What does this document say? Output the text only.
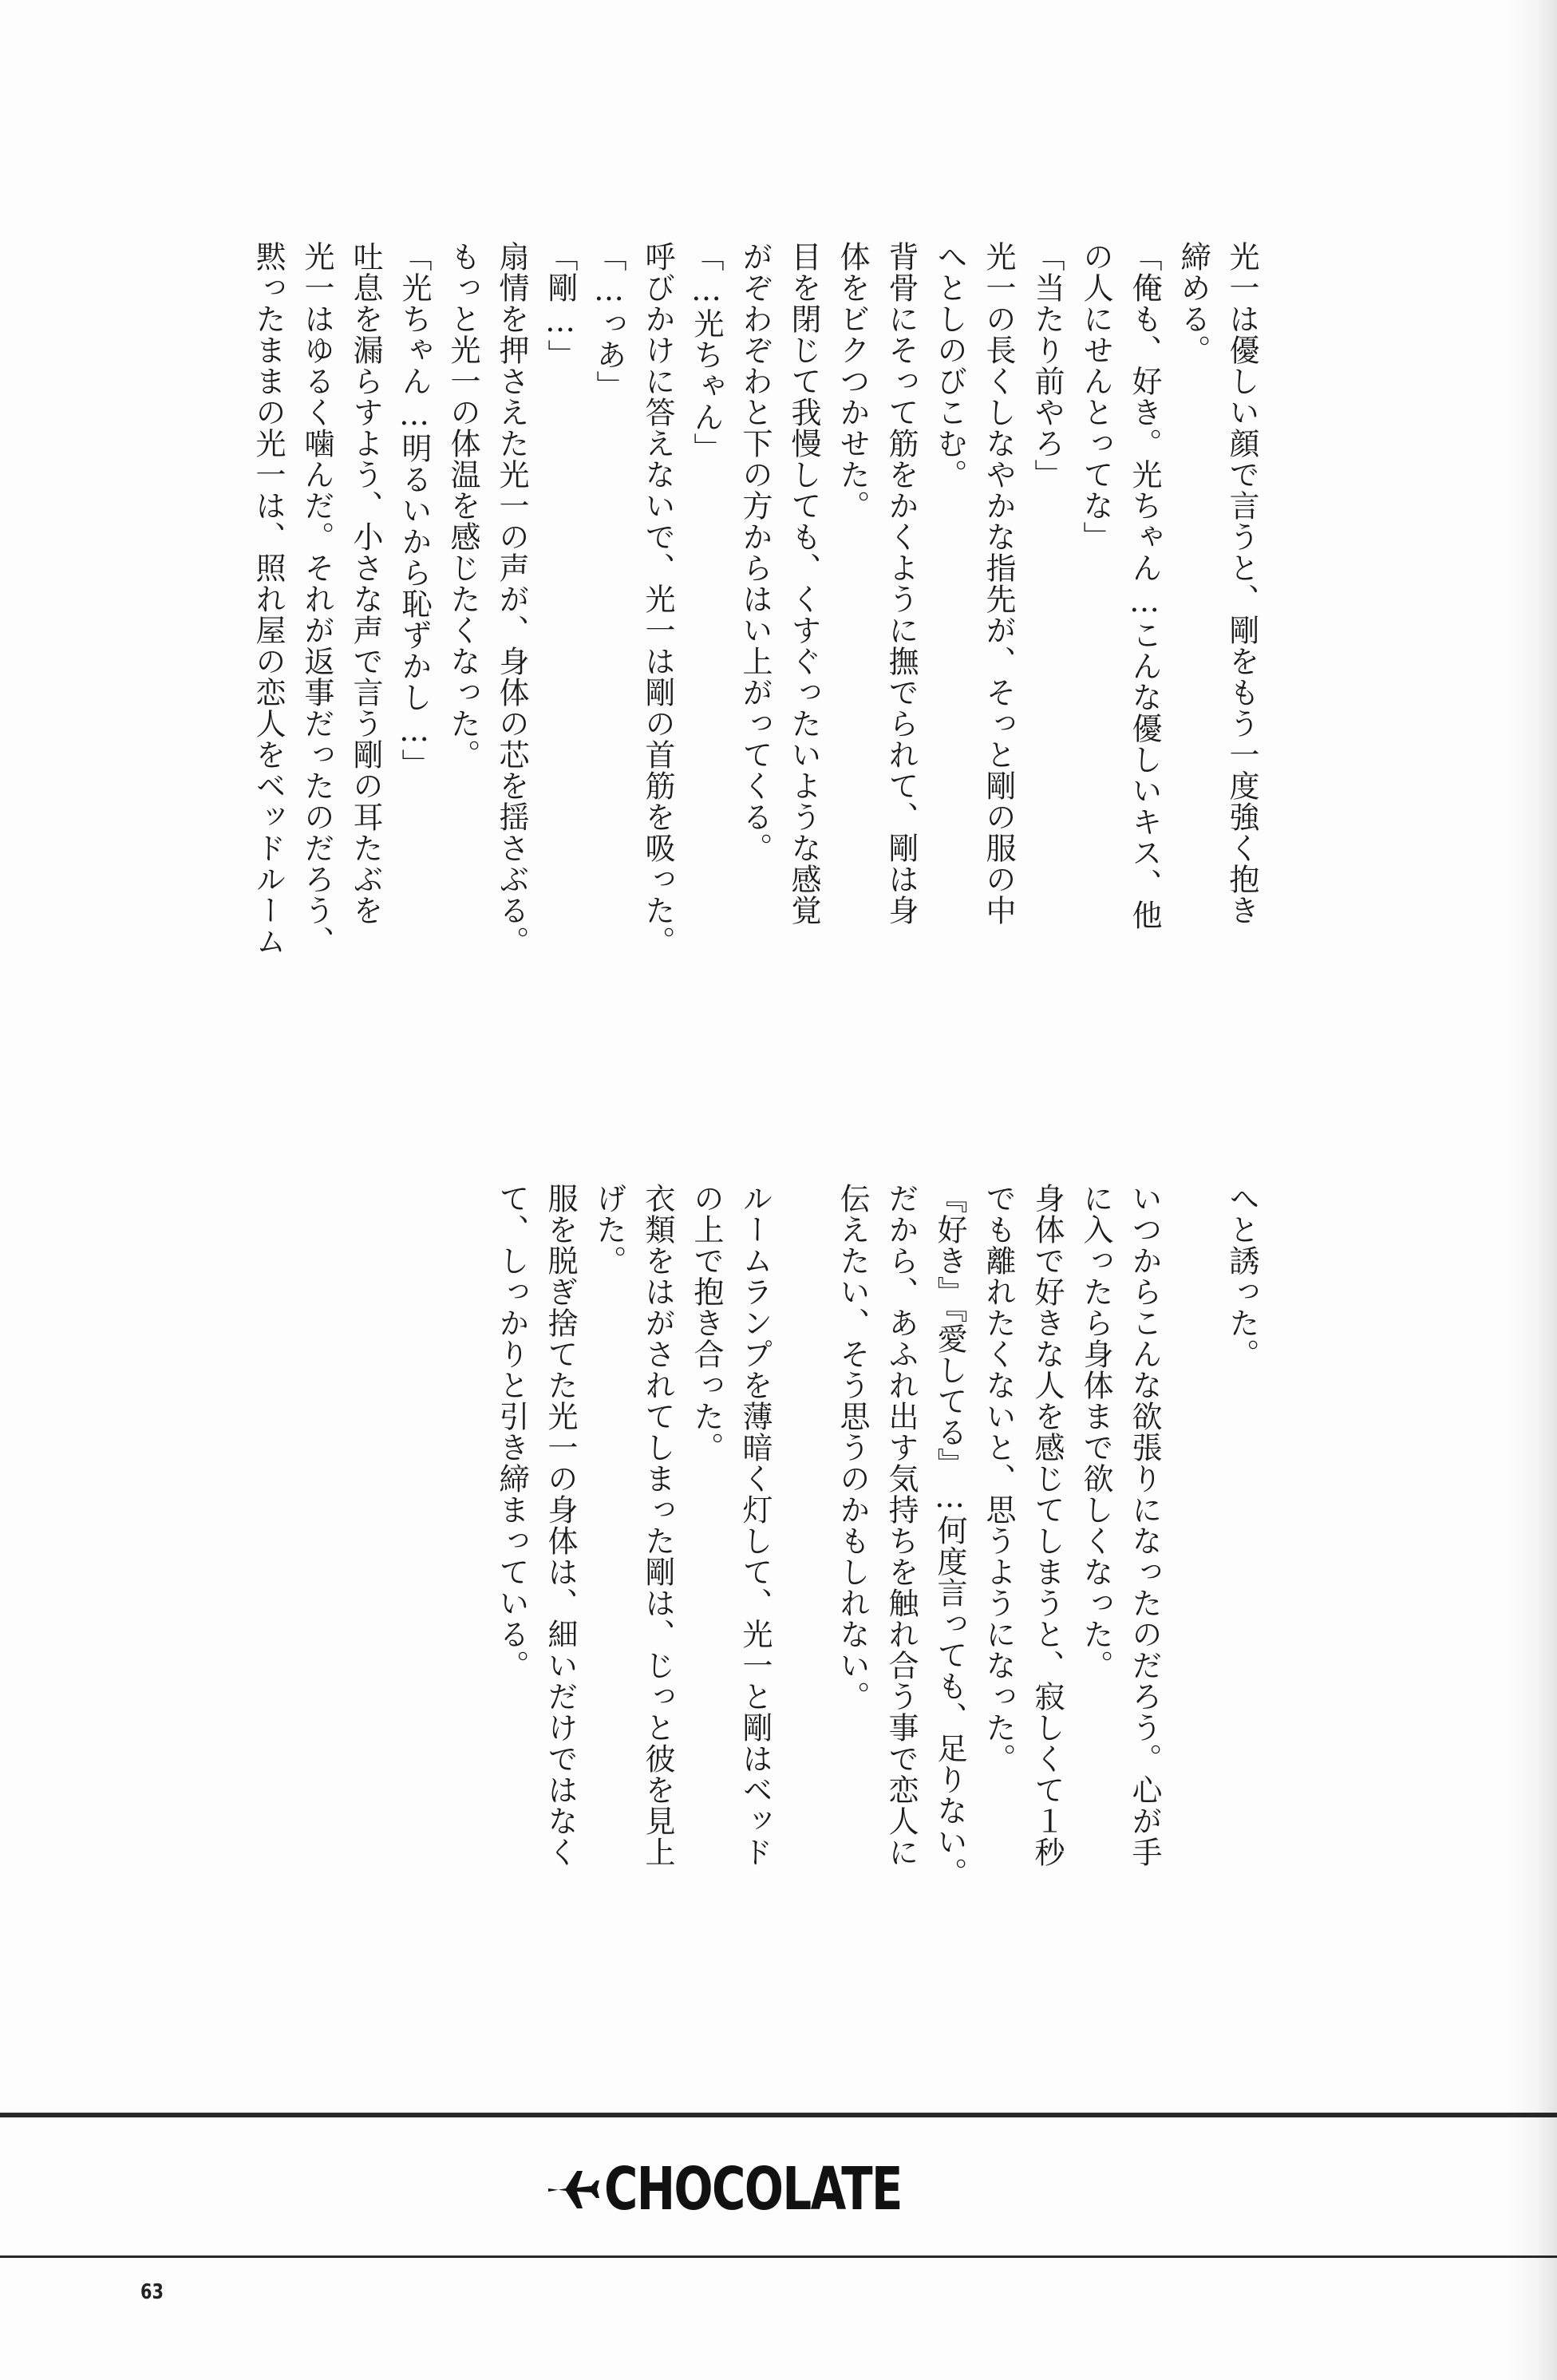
光一は優しい顔で言うと、剛をもう一度強く抱き
締める。
「俺も、好き。光ちゃん…こんな優しいキス、他
の人にせんとってな」
「当たり前やろ」
光一の長くしなやかな指先が、そっと剛の服の中
へとしのびこむ。
背骨にそって筋をかくように撫でられて、剛は身
体をビクつかせた。
目を閉じて我慢しても、くすぐったいような感覚
がぞわぞわと下の方からはい上がってくる。
「…光ちゃん」
呼びかけに答えないで、光一は剛の首筋を吸った。
「…っあ」
「剛…」
扇情を押さえた光一の声が、身体の芯を揺さぶる。
もっと光一の体温を感じたくなった。
「光ちゃん…明るいから恥ずかし…」
吐息を漏らすよう、小さな声で言う剛の耳たぶを
光一はゆるく噛んだ。それが返事だったのだろう、
黙ったままの光一は、照れ屋の恋人をベッドルーム
へと誘った。

いつからこんな欲張りになったのだろう。心が手
に入ったら身体まで欲しくなった。
身体で好きな人を感じてしまうと、寂しくて１秒
でも離れたくないと、思うようになった。
『好き』『愛してる』…何度言っても、足りない。
だから、あふれ出す気持ちを触れ合う事で恋人に
伝えたい、そう思うのかもしれない。

ルームランプを薄暗く灯して、光一と剛はベッド
の上で抱き合った。
衣類をはがされてしまった剛は、じっと彼を見上
げた。
服を脱ぎ捨てた光一の身体は、細いだけではなく
て、しっかりと引き締まっている。
CHOCOLATE
63
